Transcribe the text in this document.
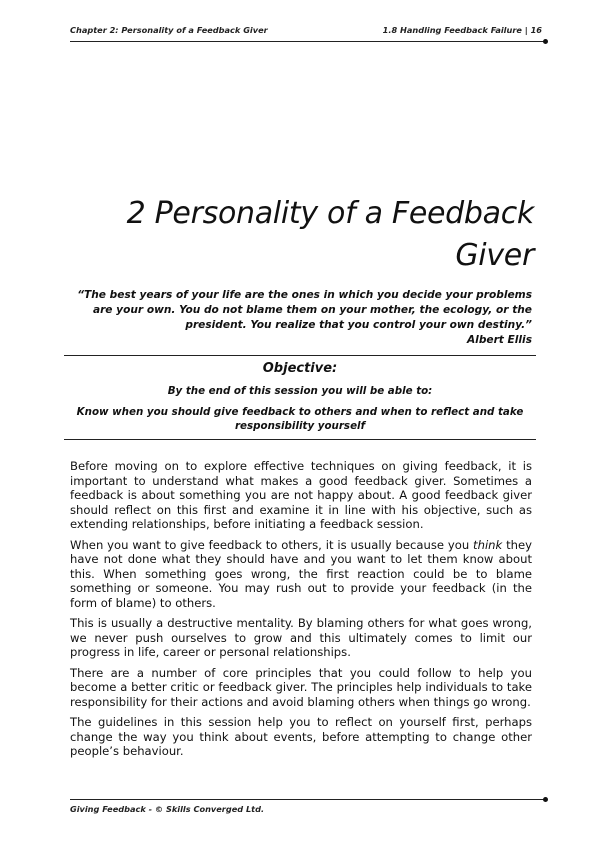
Chapter 2: Personality of a Feedback Giver	1.8 Handling Feedback Failure | 16
2 Personality of a Feedback
Giver
“The best years of your life are the ones in which you decide your problems are your own. You do not blame them on your mother, the ecology, or the president. You realize that you control your own destiny.”
Albert Ellis
Objective:
By the end of this session you will be able to:
Know when you should give feedback to others and when to reflect and take responsibility yourself

Before moving on to explore effective techniques on giving feedback, it is important to understand what makes a good feedback giver. Sometimes a feedback is about something you are not happy about. A good feedback giver should reflect on this first and examine it in line with his objective, such as extending relationships, before initiating a feedback session.

When you want to give feedback to others, it is usually because you think they have not done what they should have and you want to let them know about this. When something goes wrong, the first reaction could be to blame something or someone. You may rush out to provide your feedback (in the form of blame) to others.

This is usually a destructive mentality. By blaming others for what goes wrong, we never push ourselves to grow and this ultimately comes to limit our progress in life, career or personal relationships.

There are a number of core principles that you could follow to help you become a better critic or feedback giver. The principles help individuals to take responsibility for their actions and avoid blaming others when things go wrong.

The guidelines in this session help you to reflect on yourself first, perhaps change the way you think about events, before attempting to change other people’s behaviour.

Giving Feedback - © Skills Converged Ltd.
